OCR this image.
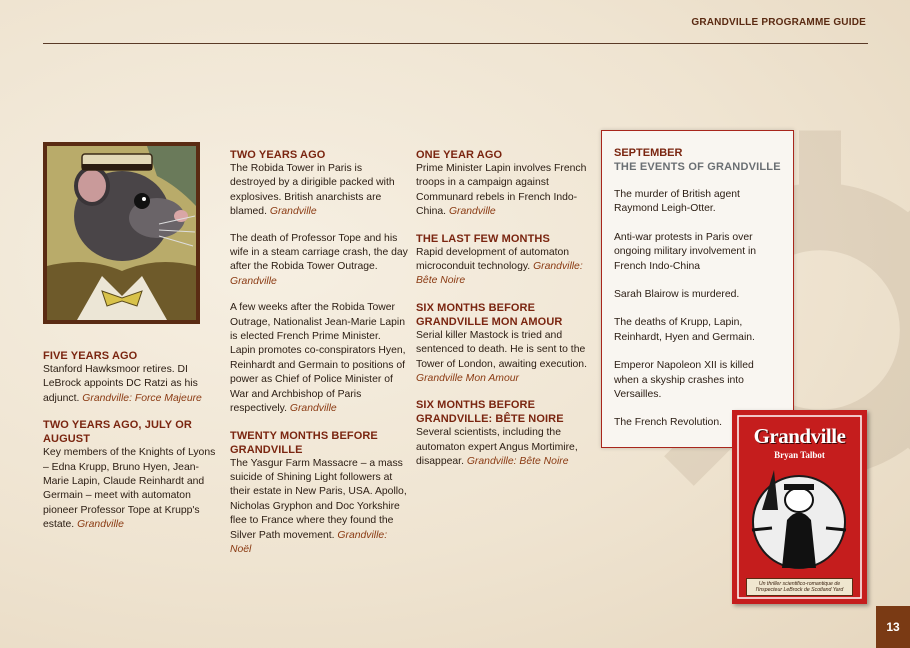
GRANDVILLE PROGRAMME GUIDE
FIVE YEARS AGO

Stanford Hawksmoor retires. DI LeBrock appoints DC Ratzi as his adjunct. Grandville: Force Majeure

TWO YEARS AGO, JULY OR AUGUST

Key members of the Knights of Lyons – Edna Krupp, Bruno Hyen, Jean-Marie Lapin, Claude Reinhardt and Germain – meet with automaton pioneer Professor Tope at Krupp's estate. Grandville

TWO YEARS AGO

The Robida Tower in Paris is destroyed by a dirigible packed with explosives. British anarchists are blamed. Grandville

The death of Professor Tope and his wife in a steam carriage crash, the day after the Robida Tower Outrage. Grandville

A few weeks after the Robida Tower Outrage, Nationalist Jean-Marie Lapin is elected French Prime Minister. Lapin promotes co-conspirators Hyen, Reinhardt and Germain to positions of power as Chief of Police Minister of War and Archbishop of Paris respectively. Grandville

TWENTY MONTHS BEFORE GRANDVILLE

The Yasgur Farm Massacre – a mass suicide of Shining Light followers at their estate in New Paris, USA. Apollo, Nicholas Gryphon and Doc Yorkshire flee to France where they found the Silver Path movement. Grandville: Noël

ONE YEAR AGO

Prime Minister Lapin involves French troops in a campaign against Communard rebels in French Indo-China. Grandville

THE LAST FEW MONTHS

Rapid development of automaton microconduit technology. Grandville: Bête Noire

SIX MONTHS BEFORE GRANDVILLE MON AMOUR

Serial killer Mastock is tried and sentenced to death. He is sent to the Tower of London, awaiting execution. Grandville Mon Amour

SIX MONTHS BEFORE GRANDVILLE: BÊTE NOIRE

Several scientists, including the automaton expert Angus Mortimire, disappear. Grandville: Bête Noire

SEPTEMBER
THE EVENTS OF GRANDVILLE

The murder of British agent Raymond Leigh-Otter.

Anti-war protests in Paris over ongoing military involvement in French Indo-China

Sarah Blairow is murdered.

The deaths of Krupp, Lapin, Reinhardt, Hyen and Germain.

Emperor Napoleon XII is killed when a skyship crashes into Versailles.

The French Revolution.

Grandville
Bryan Talbot
Un thriller scientifico-romantique de l'Inspecteur LeBrock de Scotland Yard
13
